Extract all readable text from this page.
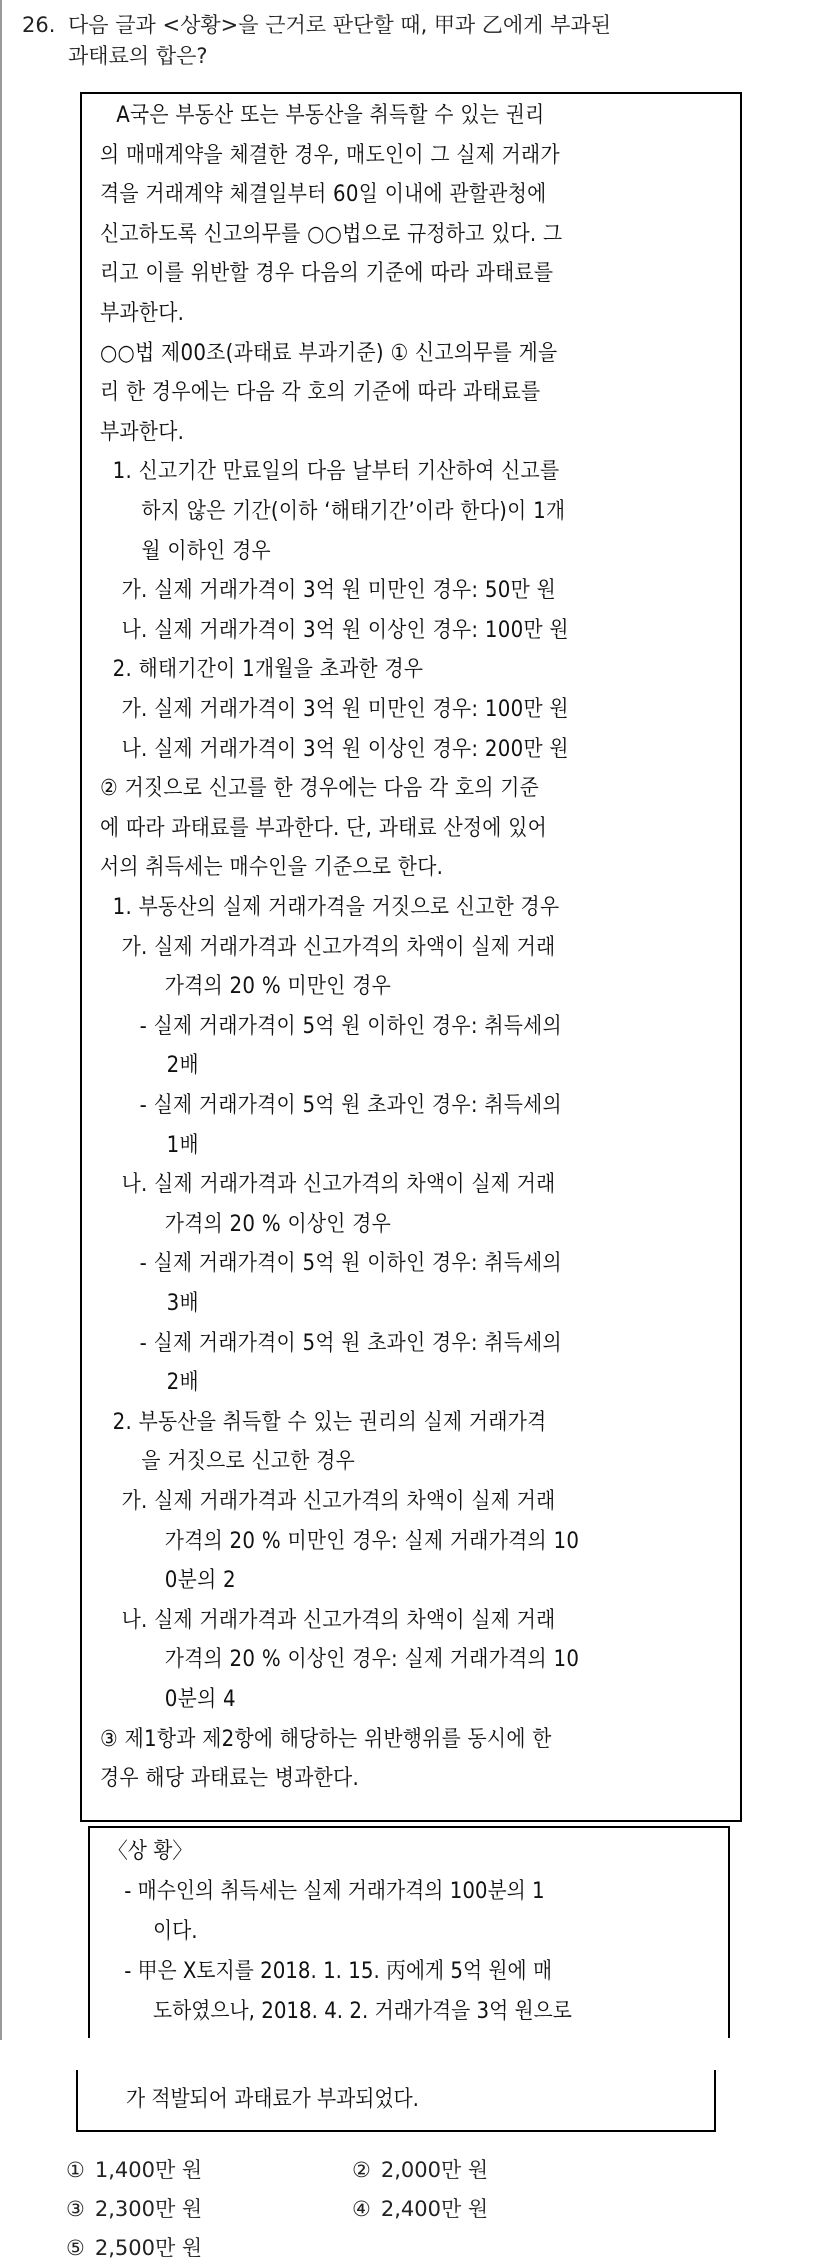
26. 다음 글과 <상황>을 근거로 판단할 때, 甲과 乙에게 부과된
과태료의 합은?
A국은 부동산 또는 부동산을 취득할 수 있는 권리
의 매매계약을 체결한 경우, 매도인이 그 실제 거래가
격을 거래계약 체결일부터 60일 이내에 관할관청에
신고하도록 신고의무를 ○○법으로 규정하고 있다. 그
리고 이를 위반할 경우 다음의 기준에 따라 과태료를
부과한다.
○○법 제00조(과태료 부과기준) ① 신고의무를 게을
리 한 경우에는 다음 각 호의 기준에 따라 과태료를
부과한다.
1. 신고기간 만료일의 다음 날부터 기산하여 신고를
하지 않은 기간(이하 ‘해태기간’이라 한다)이 1개
월 이하인 경우
가. 실제 거래가격이 3억 원 미만인 경우: 50만 원
나. 실제 거래가격이 3억 원 이상인 경우: 100만 원
2. 해태기간이 1개월을 초과한 경우
가. 실제 거래가격이 3억 원 미만인 경우: 100만 원
나. 실제 거래가격이 3억 원 이상인 경우: 200만 원
② 거짓으로 신고를 한 경우에는 다음 각 호의 기준
에 따라 과태료를 부과한다. 단, 과태료 산정에 있어
서의 취득세는 매수인을 기준으로 한다.
1. 부동산의 실제 거래가격을 거짓으로 신고한 경우
가. 실제 거래가격과 신고가격의 차액이 실제 거래
가격의 20 % 미만인 경우
- 실제 거래가격이 5억 원 이하인 경우: 취득세의
2배
- 실제 거래가격이 5억 원 초과인 경우: 취득세의
1배
나. 실제 거래가격과 신고가격의 차액이 실제 거래
가격의 20 % 이상인 경우
- 실제 거래가격이 5억 원 이하인 경우: 취득세의
3배
- 실제 거래가격이 5억 원 초과인 경우: 취득세의
2배
2. 부동산을 취득할 수 있는 권리의 실제 거래가격
을 거짓으로 신고한 경우
가. 실제 거래가격과 신고가격의 차액이 실제 거래
가격의 20 % 미만인 경우: 실제 거래가격의 10
0분의 2
나. 실제 거래가격과 신고가격의 차액이 실제 거래
가격의 20 % 이상인 경우: 실제 거래가격의 10
0분의 4
③ 제1항과 제2항에 해당하는 위반행위를 동시에 한
경우 해당 과태료는 병과한다.
〈상 황〉
- 매수인의 취득세는 실제 거래가격의 100분의 1
이다.
- 甲은 X토지를 2018. 1. 15. 丙에게 5억 원에 매
도하였으나, 2018. 4. 2. 거래가격을 3억 원으로
가 적발되어 과태료가 부과되었다.
① 1,400만 원	② 2,000만 원
③ 2,300만 원	④ 2,400만 원
⑤ 2,500만 원
